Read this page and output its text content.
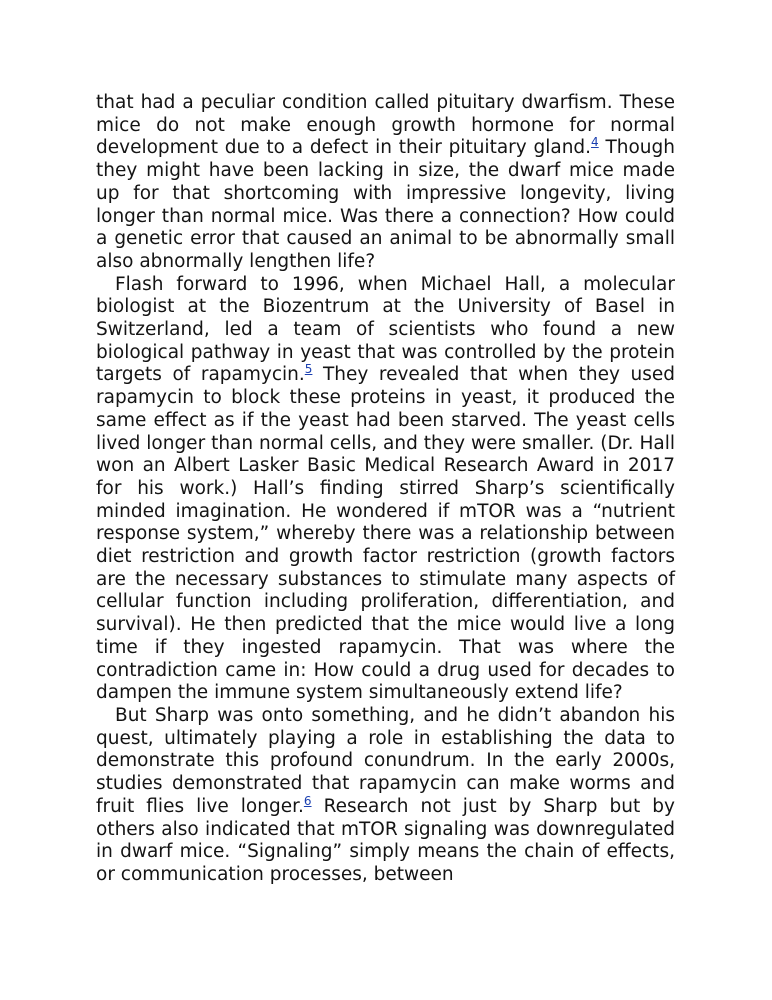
that had a peculiar condition called pituitary dwarfism. These mice do not make enough growth hormone for normal development due to a defect in their pituitary gland.$^4$ Though they might have been lacking in size, the dwarf mice made up for that shortcoming with impressive longevity, living longer than normal mice. Was there a connection? How could a genetic error that caused an animal to be abnormally small also abnormally lengthen life?

Flash forward to 1996, when Michael Hall, a molecular biologist at the Biozentrum at the University of Basel in Switzerland, led a team of scientists who found a new biological pathway in yeast that was controlled by the protein targets of rapamycin.$^5$ They revealed that when they used rapamycin to block these proteins in yeast, it produced the same effect as if the yeast had been starved. The yeast cells lived longer than normal cells, and they were smaller. (Dr. Hall won an Albert Lasker Basic Medical Research Award in 2017 for his work.) Hall’s finding stirred Sharp’s scientifically minded imagination. He wondered if mTOR was a “nutrient response system,” whereby there was a relationship between diet restriction and growth factor restriction (growth factors are the necessary substances to stimulate many aspects of cellular function including proliferation, differentiation, and survival). He then predicted that the mice would live a long time if they ingested rapamycin. That was where the contradiction came in: How could a drug used for decades to dampen the immune system simultaneously extend life?

But Sharp was onto something, and he didn’t abandon his quest, ultimately playing a role in establishing the data to demonstrate this profound conundrum. In the early 2000s, studies demonstrated that rapamycin can make worms and fruit flies live longer.$^6$ Research not just by Sharp but by others also indicated that mTOR signaling was downregulated in dwarf mice. “Signaling” simply means the chain of effects, or communication processes, between
